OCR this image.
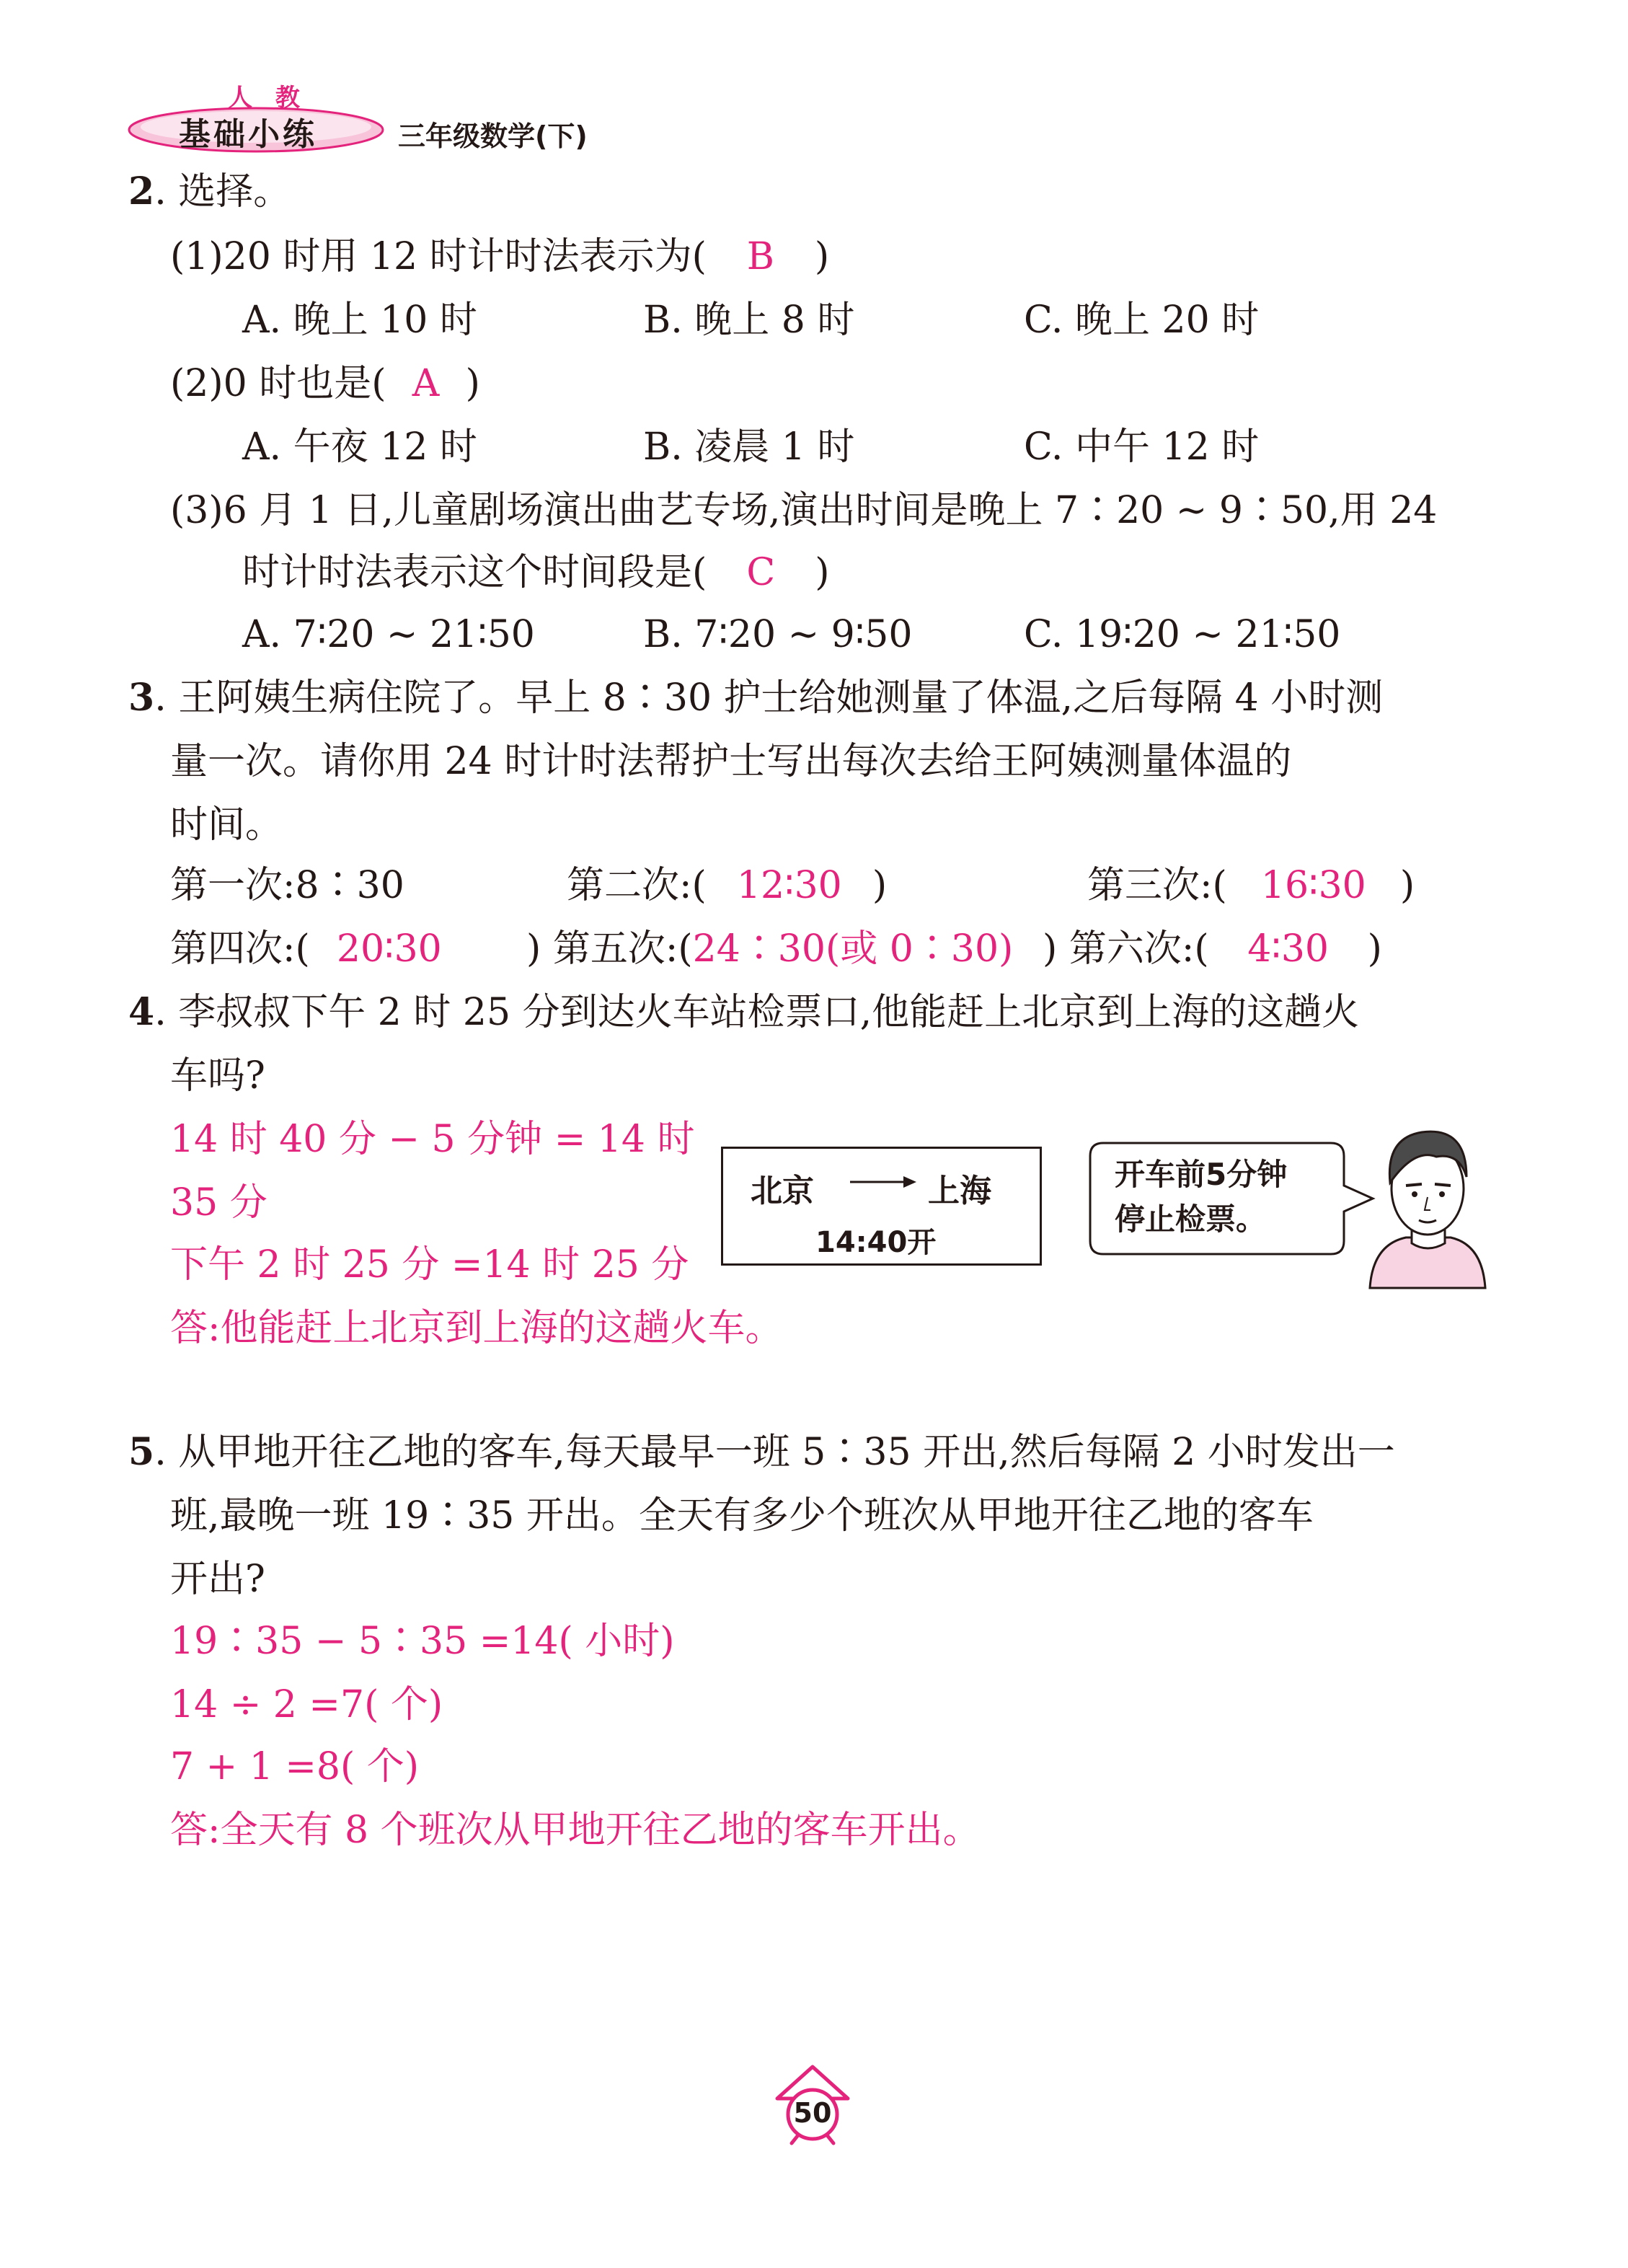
人 教
基础小练	三年级数学(下)
2. 选择。
(1)20 时用 12 时计时法表示为( B )
A. 晚上 10 时	B. 晚上 8 时	C. 晚上 20 时
(2)0 时也是( A )
A. 午夜 12 时	B. 凌晨 1 时	C. 中午 12 时
(3)6 月 1 日,儿童剧场演出曲艺专场,演出时间是晚上 7∶20 ~ 9∶50,用 24
时计时法表示这个时间段是( C )
A. 7∶20 ~ 21∶50	B. 7∶20 ~ 9∶50	C. 19∶20 ~ 21∶50
3. 王阿姨生病住院了。早上 8∶30 护士给她测量了体温,之后每隔 4 小时测
量一次。请你用 24 时计时法帮护士写出每次去给王阿姨测量体温的
时间。
第一次:8∶30	第二次:( 12∶30 )	第三次:( 16∶30 )
第四次:( 20∶30	) 第五次:(24∶30(或 0∶30) ) 第六次:( 4∶30 )
4. 李叔叔下午 2 时 25 分到达火车站检票口,他能赶上北京到上海的这趟火
车吗?
14 时 40 分 − 5 分钟 = 14 时
35 分
下午 2 时 25 分 =14 时 25 分
答:他能赶上北京到上海的这趟火车。
北京	上海
14:40开
开车前5分钟
停止检票。
5. 从甲地开往乙地的客车,每天最早一班 5∶35 开出,然后每隔 2 小时发出一
班,最晚一班 19∶35 开出。全天有多少个班次从甲地开往乙地的客车
开出?
19∶35 − 5∶35 =14( 小时)
14 ÷ 2 =7( 个)
7 + 1 =8( 个)
答:全天有 8 个班次从甲地开往乙地的客车开出。
50
